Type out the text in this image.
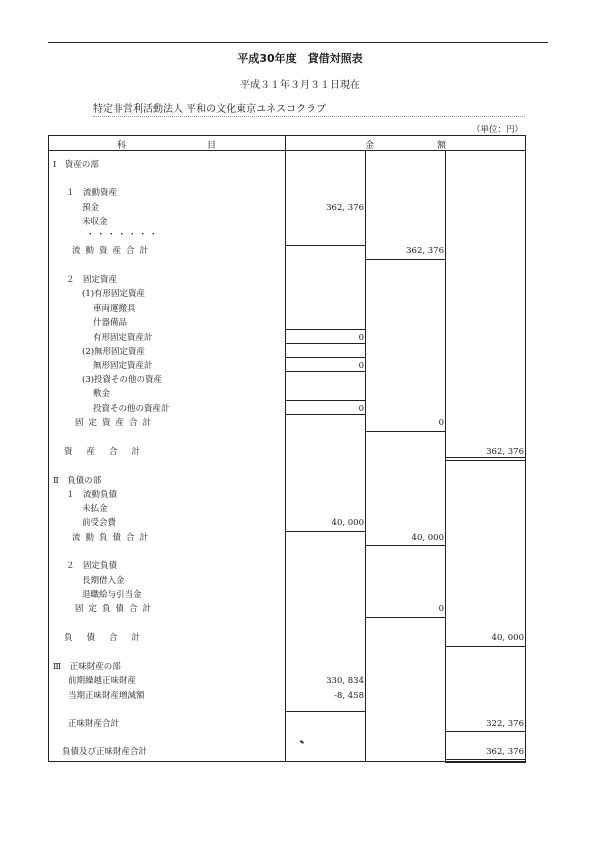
平成30年度　貸借対照表
平成３１年３月３１日現在
特定非営利活動法人 平和の文化東京ユネスコクラブ
（単位：円）
科　　　　　　　　　目	金　　　　　　　額
Ⅰ　資産の部
１　流動資産
預金
未収金
・・・・・・・
流動資産合計
２　固定資産
(1)有形固定資産
車両運搬具
什器備品
有形固定資産計
(2)無形固定資産
無形固定資産計
(3)投資その他の資産
敷金
投資その他の資産計
固定資産合計
資産合計
Ⅱ　負債の部
１　流動負債
未払金
前受会費
流動負債合計
２　固定負債
長期借入金
退職給与引当金
固定負債合計
負債合計
Ⅲ　正味財産の部
前期繰越正味財産
当期正味財産増減額
正味財産合計
負債及び正味財産合計
362, 376
362, 376
0
0
0
0
362, 376
40, 000
40, 000
0
40, 000
330, 834
-8, 458
322, 376
362, 376
